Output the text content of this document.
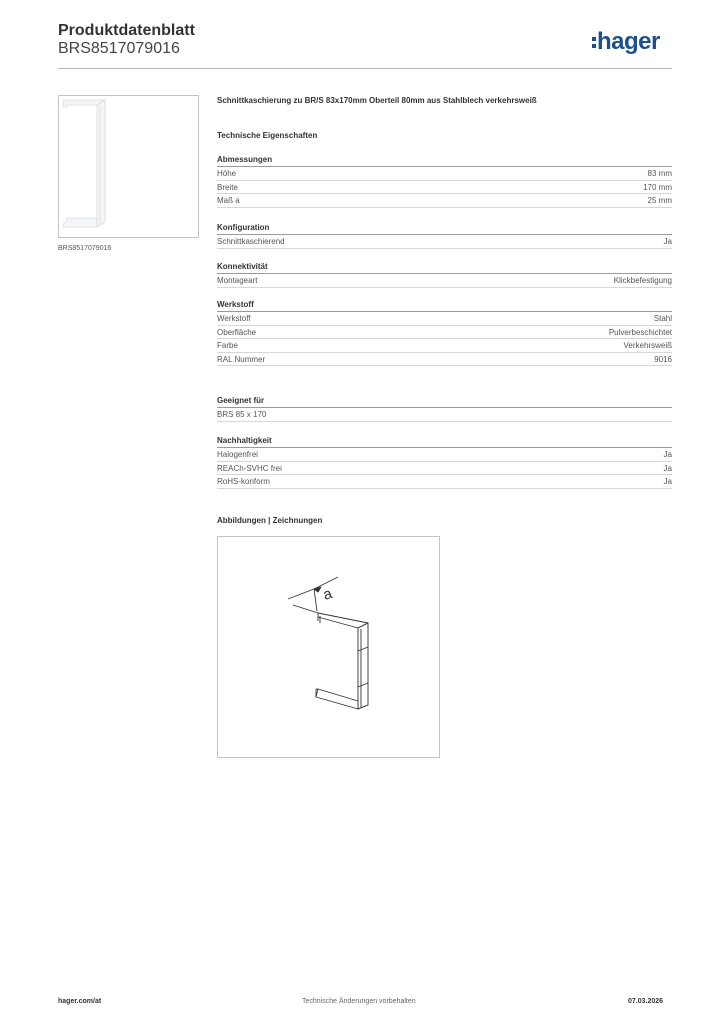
Produktdatenblatt
BRS8517079016	hager
BRS8517079016
Schnittkaschierung zu BR/S 83x170mm Oberteil 80mm aus Stahlblech verkehrsweiß
Technische Eigenschaften
Abmessungen
Höhe	83 mm
Breite	170 mm
Maß a	25 mm
Konfiguration
Schnittkaschierend	Ja
Konnektivität
Montageart	Klickbefestigung
Werkstoff
Werkstoff	Stahl
Oberfläche	Pulverbeschichtet
Farbe	Verkehrsweiß
RAL Nummer	9016
Geeignet für
BRS 85 x 170
Nachhaltigkeit
Halogenfrei	Ja
REACh-SVHC frei	Ja
RoHS-konform	Ja
Abbildungen | Zeichnungen
a
hager.com/at	Technische Änderungen vorbehalten	07.03.2026
